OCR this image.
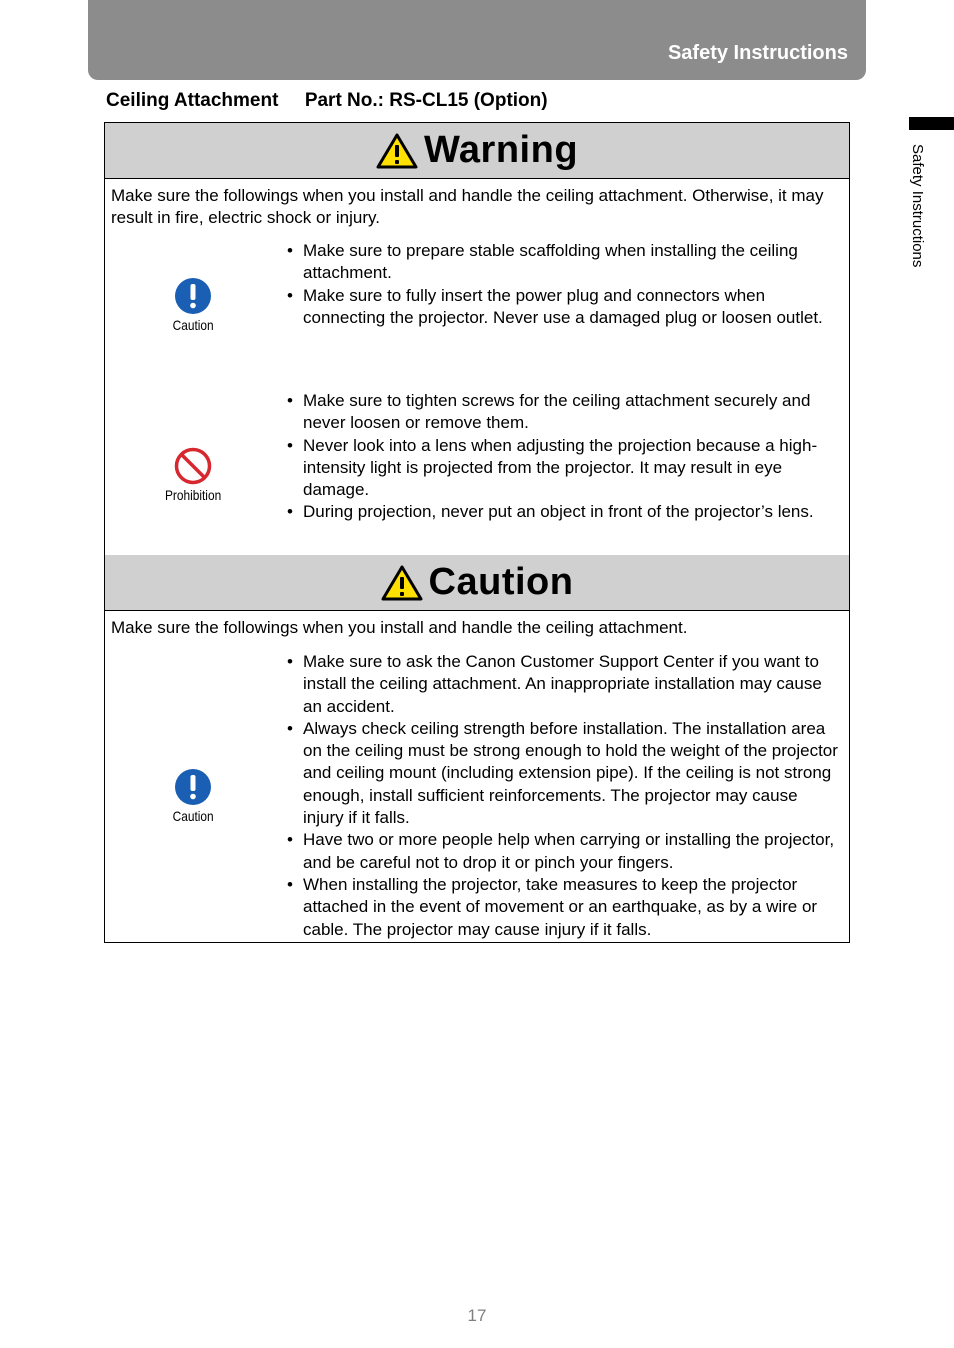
Safety Instructions
Ceiling Attachment     Part No.: RS-CL15 (Option)
Safety Instructions
Warning
Make sure the followings when you install and handle the ceiling attachment. Otherwise, it may result in fire, electric shock or injury.
Caution
• Make sure to prepare stable scaffolding when installing the ceiling attachment.
• Make sure to fully insert the power plug and connectors when connecting the projector. Never use a damaged plug or loosen outlet.
Prohibition
• Make sure to tighten screws for the ceiling attachment securely and never loosen or remove them.
• Never look into a lens when adjusting the projection because a high-intensity light is projected from the projector. It may result in eye damage.
• During projection, never put an object in front of the projector’s lens.
Caution
Make sure the followings when you install and handle the ceiling attachment.
Caution
• Make sure to ask the Canon Customer Support Center if you want to install the ceiling attachment. An inappropriate installation may cause an accident.
• Always check ceiling strength before installation. The installation area on the ceiling must be strong enough to hold the weight of the projector and ceiling mount (including extension pipe). If the ceiling is not strong enough, install sufficient reinforcements. The projector may cause injury if it falls.
• Have two or more people help when carrying or installing the projector, and be careful not to drop it or pinch your fingers.
• When installing the projector, take measures to keep the projector attached in the event of movement or an earthquake, as by a wire or cable. The projector may cause injury if it falls.
17
